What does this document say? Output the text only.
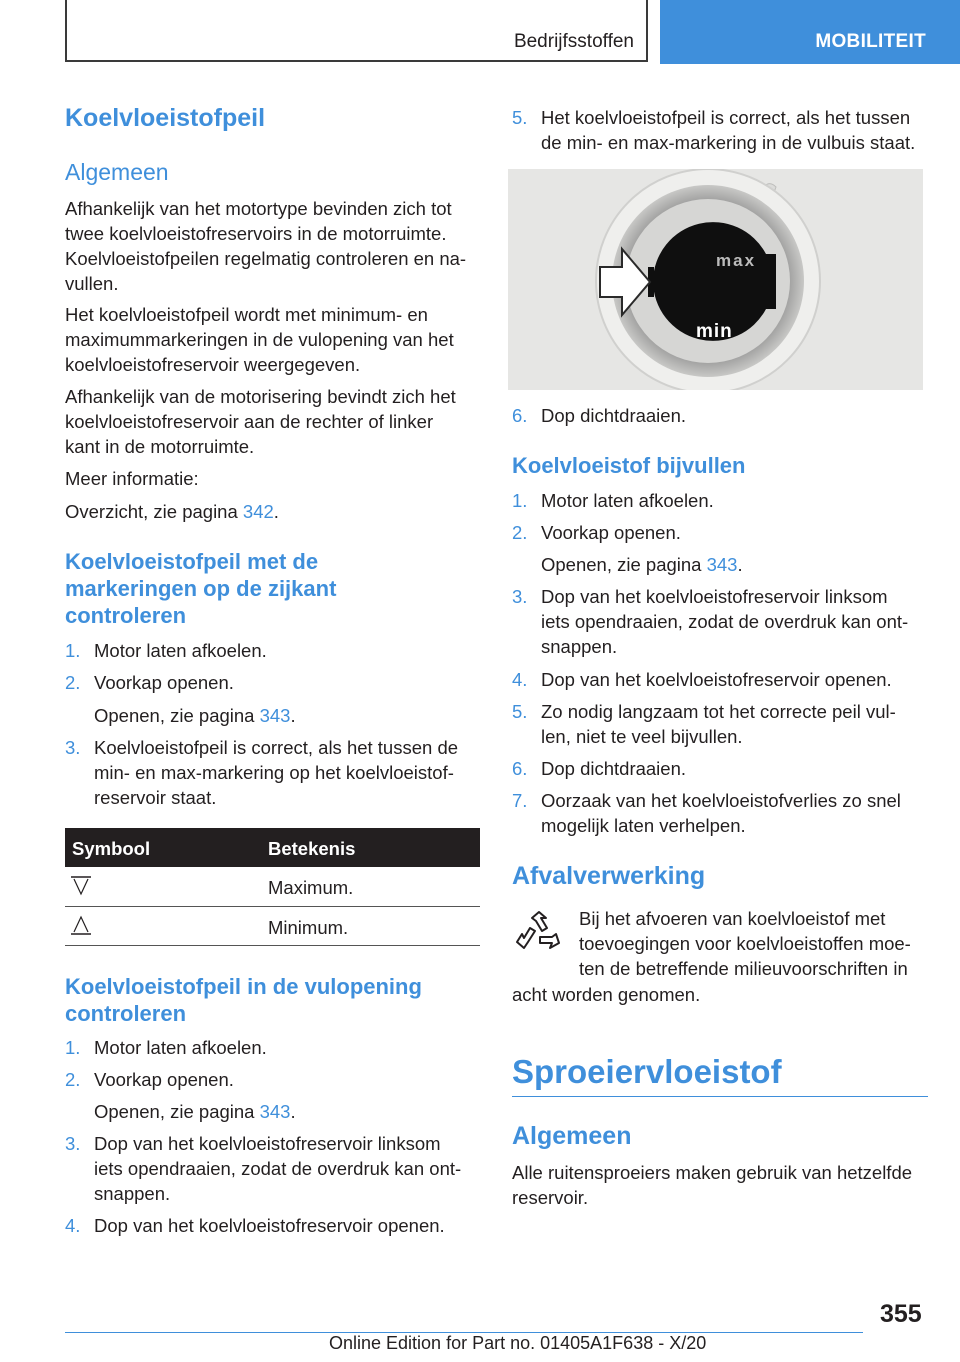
Bedrijfsstoffen	MOBILITEIT
Koelvloeistofpeil
Algemeen

Afhankelijk van het motortype bevinden zich tot
twee koelvloeistofreservoirs in de motorruimte.
Koelvloeistofpeilen regelmatig controleren en na‐
vullen.

Het koelvloeistofpeil wordt met minimum- en
maximummarkeringen in de vulopening van het
koelvloeistofreservoir weergegeven.

Afhankelijk van de motorisering bevindt zich het
koelvloeistofreservoir aan de rechter of linker
kant in de motorruimte.

Meer informatie:

Overzicht, zie pagina 342.

Koelvloeistofpeil met de
markeringen op de zijkant
controleren
1. Motor laten afkoelen.
2. Voorkap openen.

Openen, zie pagina 343.

3. Koelvloeistofpeil is correct, als het tussen de
min- en max-markering op het koelvloeistof‐
reservoir staat.
Symbool	Betekenis

Maximum.

Minimum.

Koelvloeistofpeil in de vulopening
controleren
1. Motor laten afkoelen.
2. Voorkap openen.

Openen, zie pagina 343.

3. Dop van het koelvloeistofreservoir linksom
iets opendraaien, zodat de overdruk kan ont‐
snappen.
4. Dop van het koelvloeistofreservoir openen.
5. Het koelvloeistofpeil is correct, als het tussen
de min- en max-markering in de vulbuis staat.
max
min
6. Dop dichtdraaien.
Koelvloeistof bijvullen
1. Motor laten afkoelen.
2. Voorkap openen.

Openen, zie pagina 343.

3. Dop van het koelvloeistofreservoir linksom
iets opendraaien, zodat de overdruk kan ont‐
snappen.
4. Dop van het koelvloeistofreservoir openen.
5. Zo nodig langzaam tot het correcte peil vul‐
len, niet te veel bijvullen.
6. Dop dichtdraaien.
7. Oorzaak van het koelvloeistofverlies zo snel
mogelijk laten verhelpen.
Afvalverwerking

Bij het afvoeren van koelvloeistof met
toevoegingen voor koelvloeistoffen moe‐
ten de betreffende milieuvoorschriften in

acht worden genomen.

Sproeiervloeistof
Algemeen

Alle ruitensproeiers maken gebruik van hetzelfde
reservoir.

355
Online Edition for Part no. 01405A1F638 - X/20
